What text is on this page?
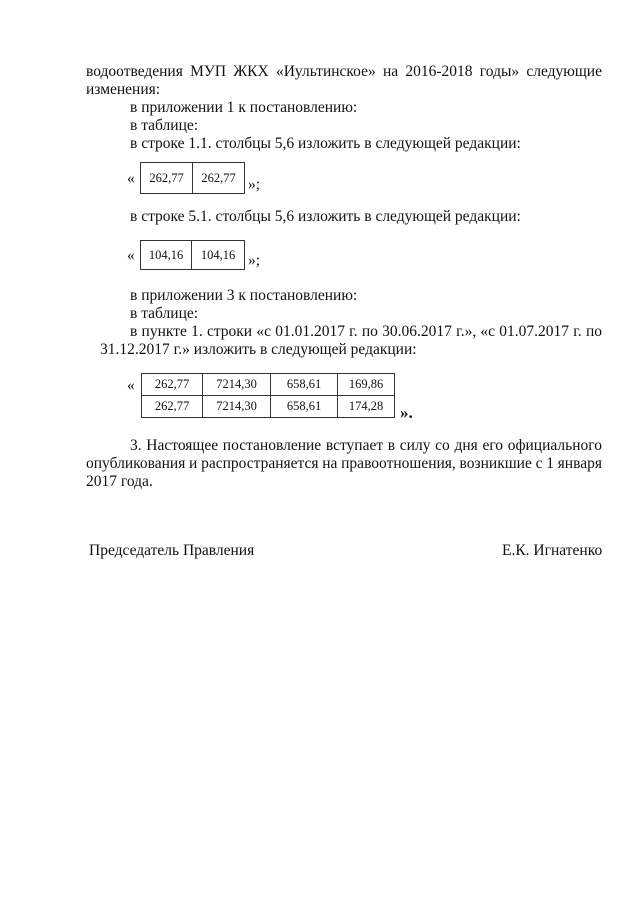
водоотведения МУП ЖКХ «Иультинское» на 2016-2018 годы» следующие
изменения:
в приложении 1 к постановлению:
в таблице:
в строке 1.1. столбцы 5,6 изложить в следующей редакции:
« 262,77	262,77 »;
в строке 5.1. столбцы 5,6 изложить в следующей редакции:
« 104,16	104,16 »;
в приложении 3 к постановлению:
в таблице:
в пункте 1. строки «с 01.01.2017 г. по 30.06.2017 г.», «с 01.07.2017 г. по
31.12.2017 г.» изложить в следующей редакции:
« 262,77	7214,30	658,61	169,86
262,77	7214,30	658,61	174,28 ».
3. Настоящее постановление вступает в силу со дня его официального
опубликования и распространяется на правоотношения, возникшие с 1 января
2017 года.
Председатель Правления	Е.К. Игнатенко
